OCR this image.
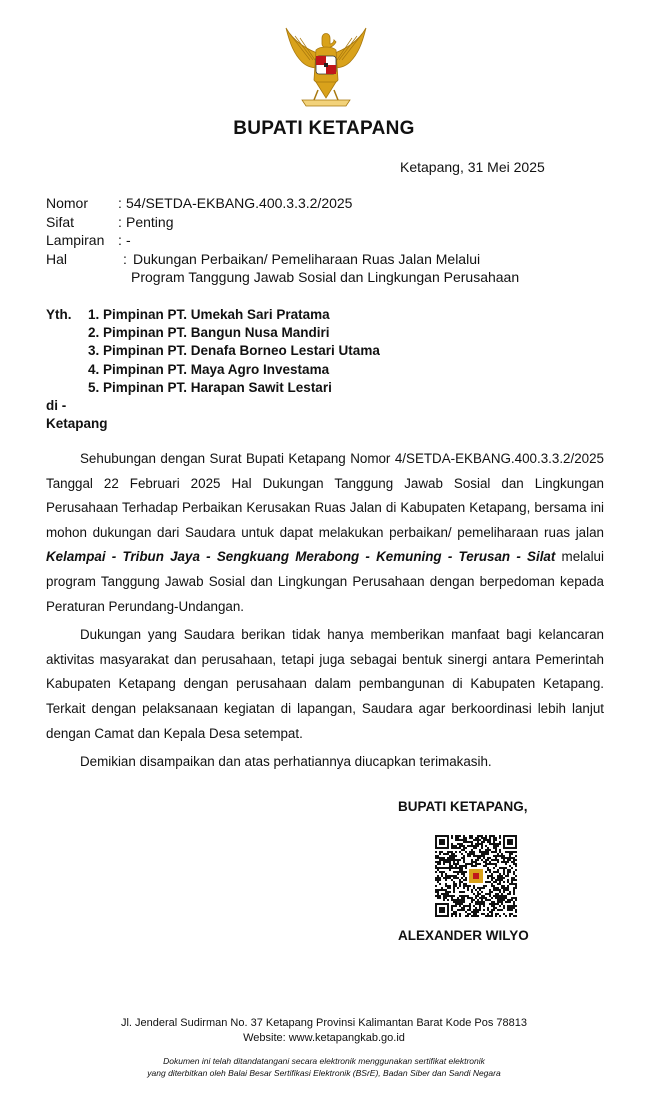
BUPATI KETAPANG
Ketapang, 31 Mei 2025
Nomor	: 54/SETDA-EKBANG.400.3.3.2/2025
Sifat	: Penting
Lampiran : -
Hal	: Dukungan Perbaikan/ Pemeliharaan Ruas Jalan Melalui
Program Tanggung Jawab Sosial dan Lingkungan Perusahaan
Yth.	1. Pimpinan PT. Umekah Sari Pratama
2. Pimpinan PT. Bangun Nusa Mandiri
3. Pimpinan PT. Denafa Borneo Lestari Utama
4. Pimpinan PT. Maya Agro Investama
5. Pimpinan PT. Harapan Sawit Lestari
di -
Ketapang

Sehubungan dengan Surat Bupati Ketapang Nomor 4/SETDA-EKBANG.400.3.3.2/2025 Tanggal 22 Februari 2025 Hal Dukungan Tanggung Jawab Sosial dan Lingkungan Perusahaan Terhadap Perbaikan Kerusakan Ruas Jalan di Kabupaten Ketapang, bersama ini mohon dukungan dari Saudara untuk dapat melakukan perbaikan/ pemeliharaan ruas jalan Kelampai - Tribun Jaya - Sengkuang Merabong - Kemuning - Terusan - Silat melalui program Tanggung Jawab Sosial dan Lingkungan Perusahaan dengan berpedoman kepada Peraturan Perundang-Undangan.

Dukungan yang Saudara berikan tidak hanya memberikan manfaat bagi kelancaran aktivitas masyarakat dan perusahaan, tetapi juga sebagai bentuk sinergi antara Pemerintah Kabupaten Ketapang dengan perusahaan dalam pembangunan di Kabupaten Ketapang. Terkait dengan pelaksanaan kegiatan di lapangan, Saudara agar berkoordinasi lebih lanjut dengan Camat dan Kepala Desa setempat.

Demikian disampaikan dan atas perhatiannya diucapkan terimakasih.

BUPATI KETAPANG,
ALEXANDER WILYO
Jl. Jenderal Sudirman No. 37 Ketapang Provinsi Kalimantan Barat Kode Pos 78813
Website: www.ketapangkab.go.id
Dokumen ini telah ditandatangani secara elektronik menggunakan sertifikat elektronik
yang diterbitkan oleh Balai Besar Sertifikasi Elektronik (BSrE), Badan Siber dan Sandi Negara
